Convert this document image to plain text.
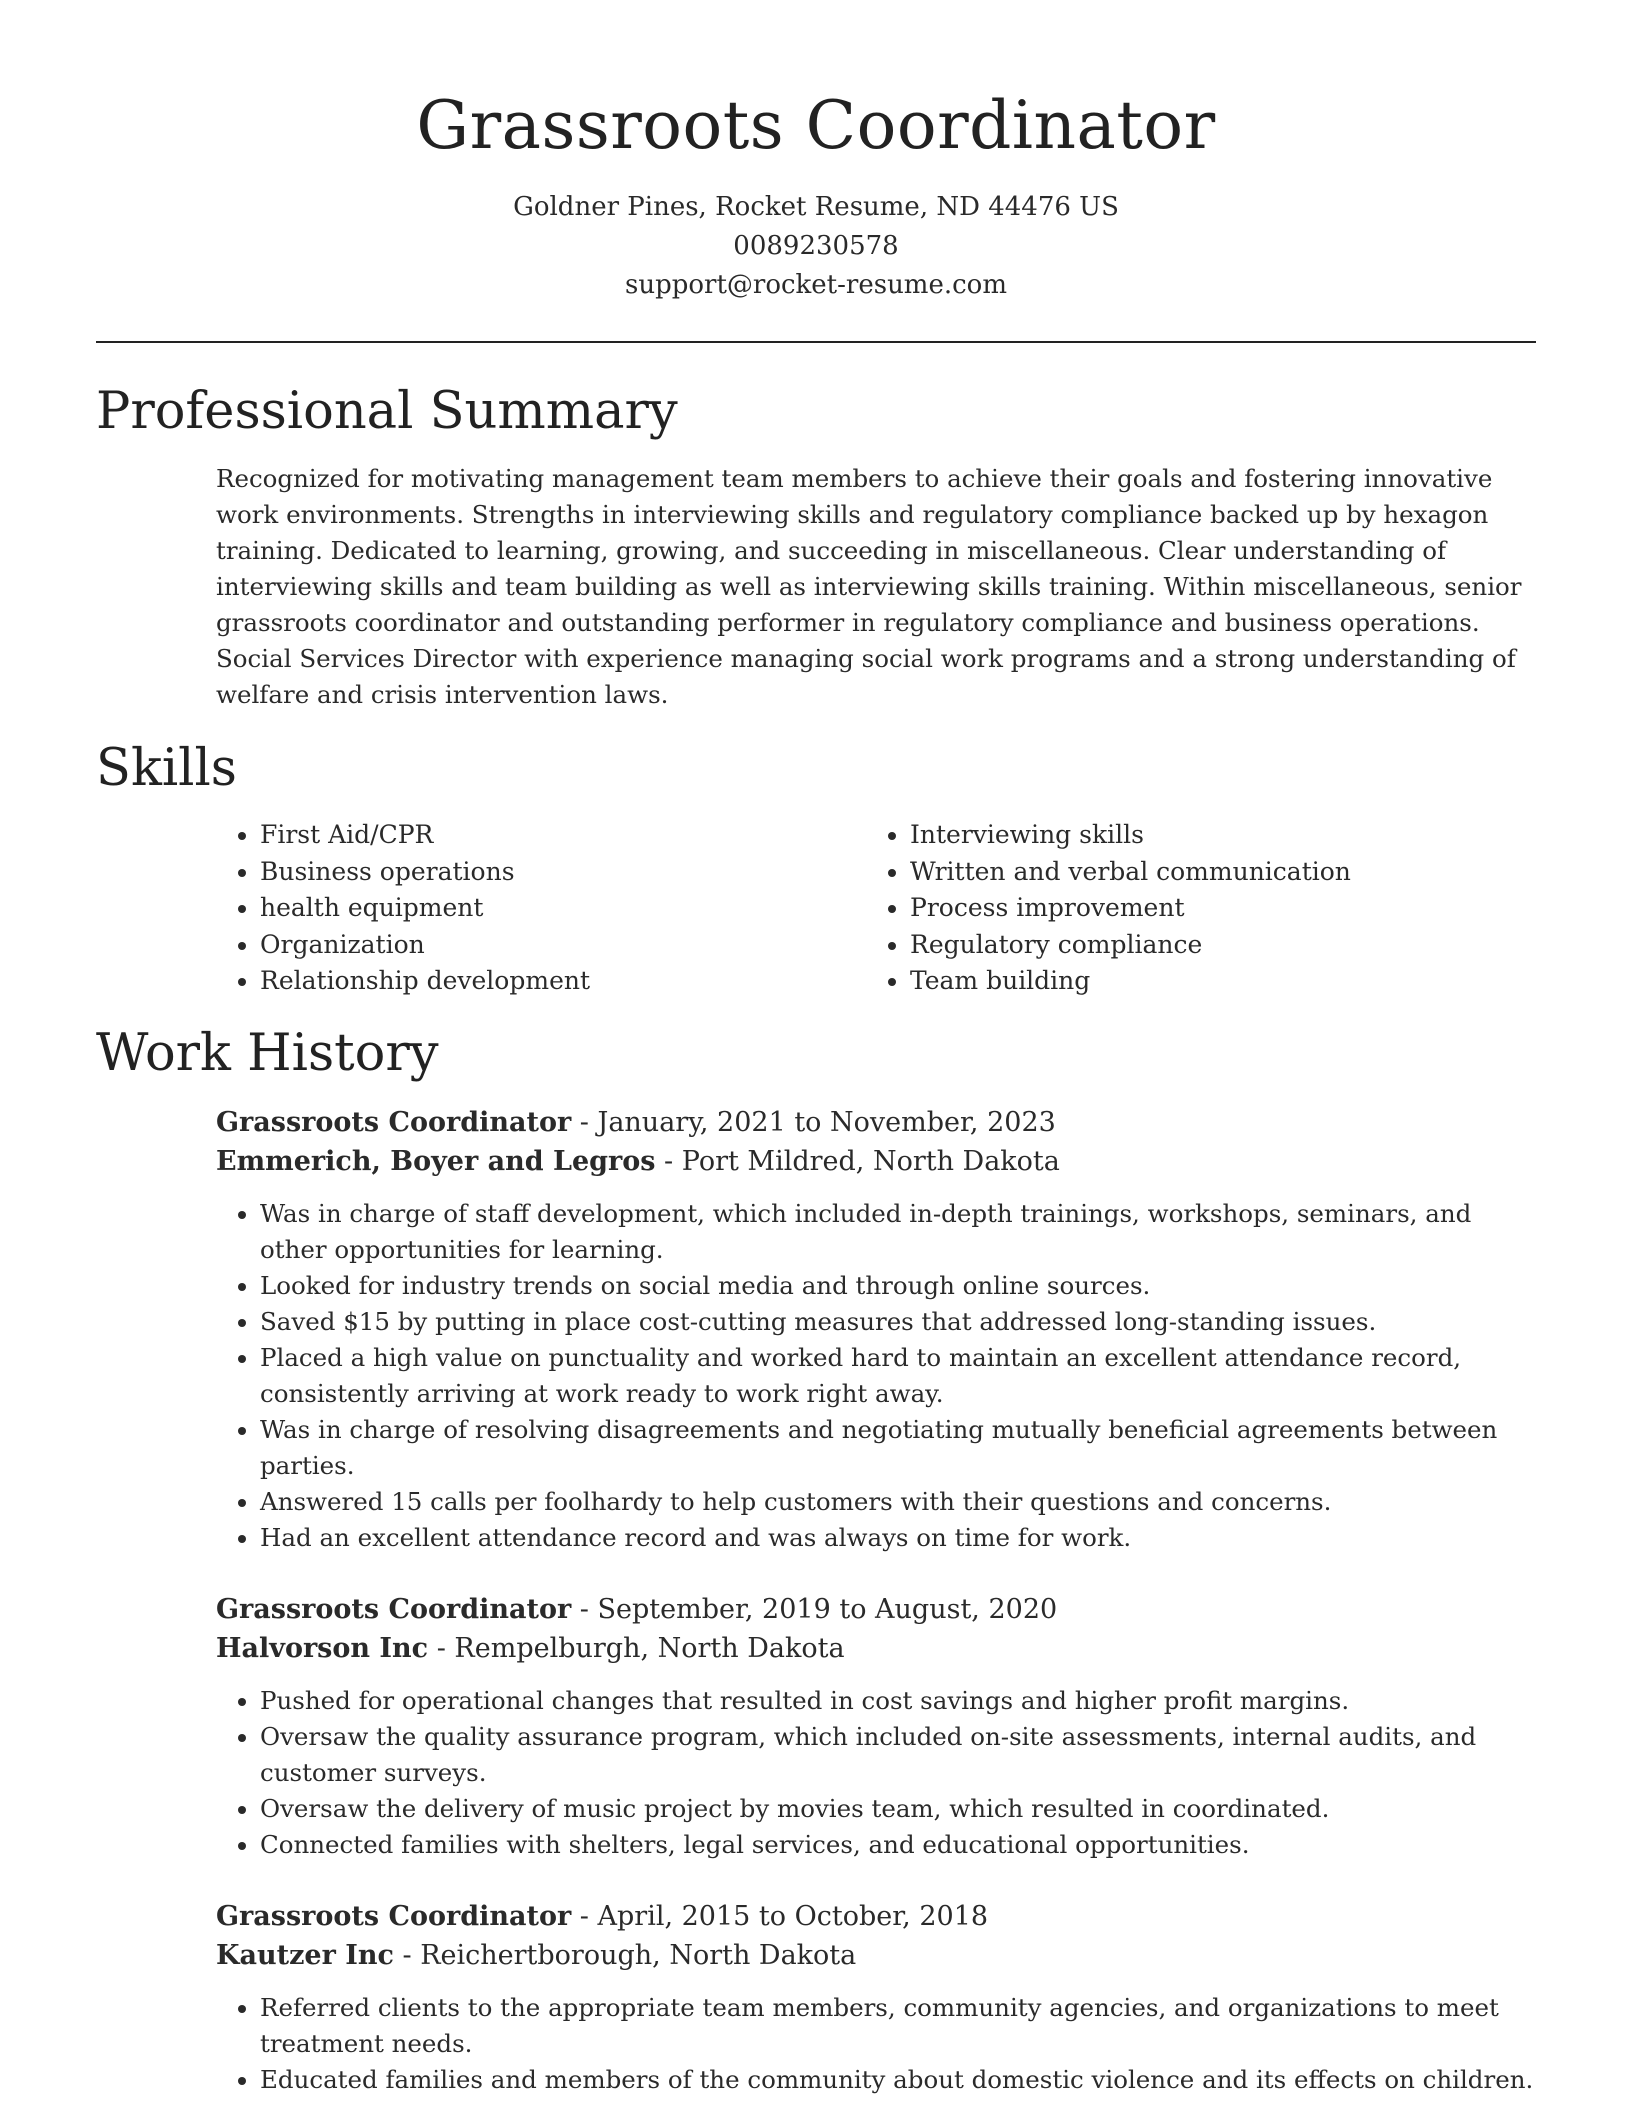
Grassroots Coordinator
Goldner Pines, Rocket Resume, ND 44476 US
0089230578
support@rocket-resume.com
Professional Summary

Recognized for motivating management team members to achieve their goals and fostering innovative work environments. Strengths in interviewing skills and regulatory compliance backed up by hexagon training. Dedicated to learning, growing, and succeeding in miscellaneous. Clear understanding of interviewing skills and team building as well as interviewing skills training. Within miscellaneous, senior grassroots coordinator and outstanding performer in regulatory compliance and business operations. Social Services Director with experience managing social work programs and a strong understanding of welfare and crisis intervention laws.

Skills
• First Aid/CPR
• Business operations
• health equipment
• Organization
• Relationship development
• Interviewing skills
• Written and verbal communication
• Process improvement
• Regulatory compliance
• Team building
Work History
Grassroots Coordinator - January, 2021 to November, 2023
Emmerich, Boyer and Legros - Port Mildred, North Dakota
• Was in charge of staff development, which included in-depth trainings, workshops, seminars, and other opportunities for learning.
• Looked for industry trends on social media and through online sources.
• Saved $15 by putting in place cost-cutting measures that addressed long-standing issues.
• Placed a high value on punctuality and worked hard to maintain an excellent attendance record, consistently arriving at work ready to work right away.
• Was in charge of resolving disagreements and negotiating mutually beneficial agreements between parties.
• Answered 15 calls per foolhardy to help customers with their questions and concerns.
• Had an excellent attendance record and was always on time for work.
Grassroots Coordinator - September, 2019 to August, 2020
Halvorson Inc - Rempelburgh, North Dakota
• Pushed for operational changes that resulted in cost savings and higher profit margins.
• Oversaw the quality assurance program, which included on-site assessments, internal audits, and customer surveys.
• Oversaw the delivery of music project by movies team, which resulted in coordinated.
• Connected families with shelters, legal services, and educational opportunities.
Grassroots Coordinator - April, 2015 to October, 2018
Kautzer Inc - Reichertborough, North Dakota
• Referred clients to the appropriate team members, community agencies, and organizations to meet treatment needs.
• Educated families and members of the community about domestic violence and its effects on children.
